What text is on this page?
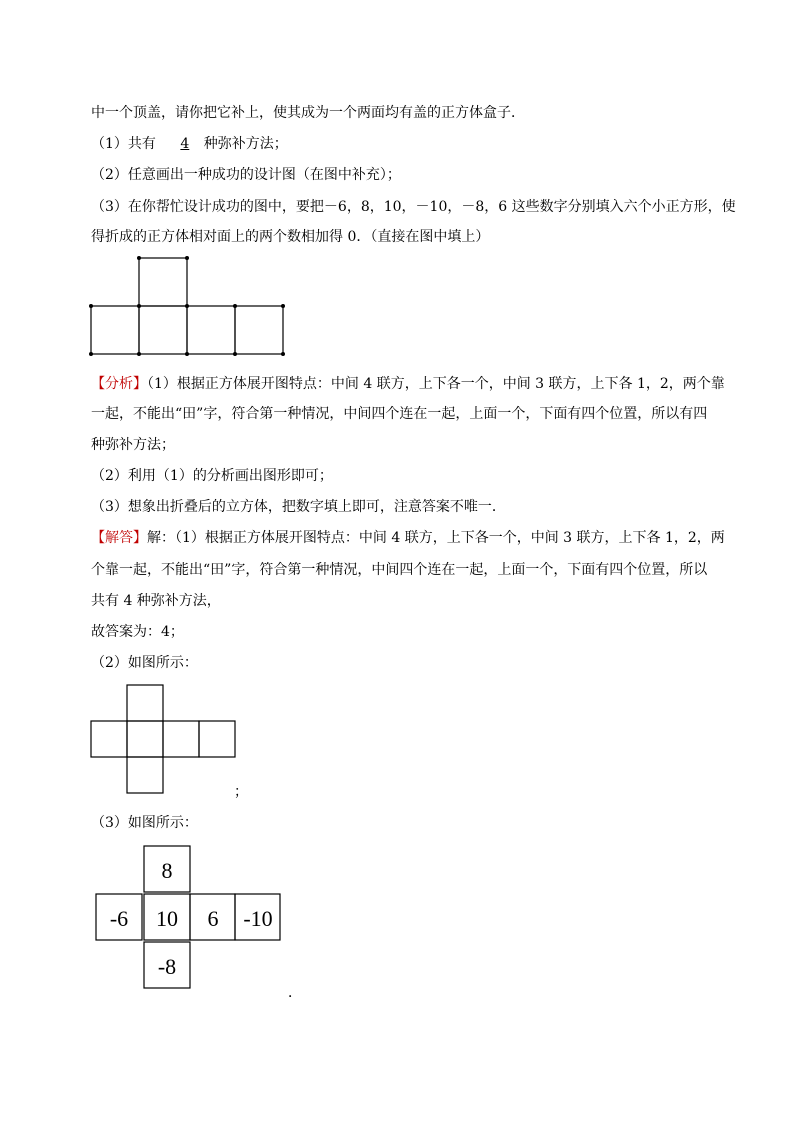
中一个顶盖，请你把它补上，使其成为一个两面均有盖的正方体盒子．
（1）共有 4 种弥补方法；
（2）任意画出一种成功的设计图（在图中补充）；
（3）在你帮忙设计成功的图中，要把－6，8，10，－10，－8，6 这些数字分别填入六个小正方形，使
得折成的正方体相对面上的两个数相加得 0．（直接在图中填上）
8
-6 10 6 -10
-8
【分析】（1）根据正方体展开图特点：中间 4 联方，上下各一个，中间 3 联方，上下各 1，2，两个靠
一起，不能出“田”字，符合第一种情况，中间四个连在一起，上面一个，下面有四个位置，所以有四
种弥补方法；
（2）利用（1）的分析画出图形即可；
（3）想象出折叠后的立方体，把数字填上即可，注意答案不唯一．
【解答】解：（1）根据正方体展开图特点：中间 4 联方，上下各一个，中间 3 联方，上下各 1，2，两
个靠一起，不能出“田”字，符合第一种情况，中间四个连在一起，上面一个，下面有四个位置，所以
共有 4 种弥补方法，
故答案为：4；
（2）如图所示：
；
（3）如图所示：
．
